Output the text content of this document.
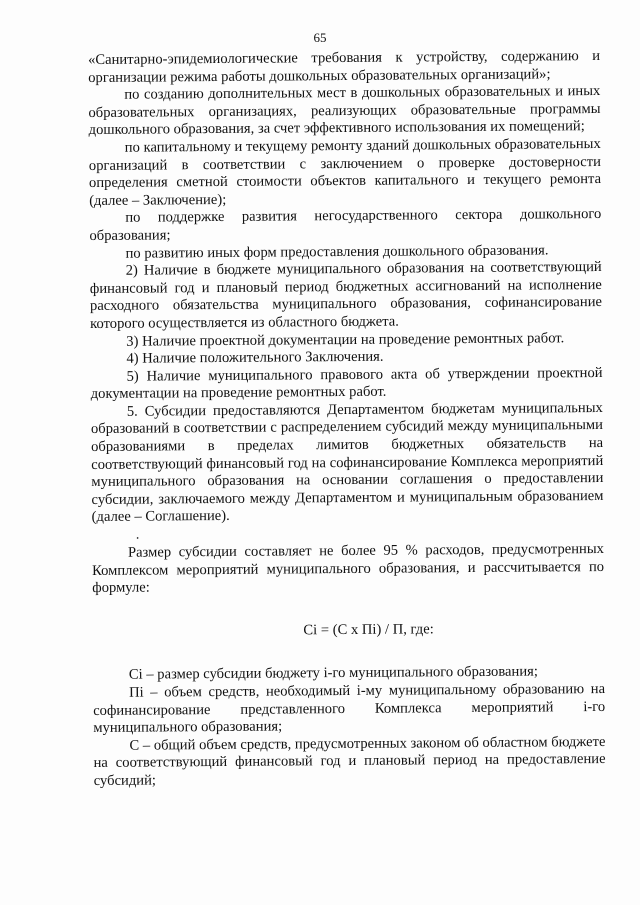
65

«Санитарно-эпидемиологические требования к устройству, содержанию и организации режима работы дошкольных образовательных организаций»;

по созданию дополнительных мест в дошкольных образовательных и иных образовательных организациях, реализующих образовательные программы дошкольного образования, за счет эффективного использования их помещений;

по капитальному и текущему ремонту зданий дошкольных образовательных организаций в соответствии с заключением о проверке достоверности определения сметной стоимости объектов капитального и текущего ремонта (далее – Заключение);

по поддержке развития негосударственного сектора дошкольного образования;

по развитию иных форм предоставления дошкольного образования.

2) Наличие в бюджете муниципального образования на соответствующий финансовый год и плановый период бюджетных ассигнований на исполнение расходного обязательства муниципального образования, софинансирование которого осуществляется из областного бюджета.

3) Наличие проектной документации на проведение ремонтных работ.

4) Наличие положительного Заключения.

5) Наличие муниципального правового акта об утверждении проектной документации на проведение ремонтных работ.

5. Субсидии предоставляются Департаментом бюджетам муниципальных образований в соответствии с распределением субсидий между муниципальными образованиями в пределах лимитов бюджетных обязательств на соответствующий финансовый год на софинансирование Комплекса мероприятий муниципального образования на основании соглашения о предоставлении субсидии, заключаемого между Департаментом и муниципальным образованием (далее – Соглашение).

.

Размер субсидии составляет не более 95 % расходов, предусмотренных Комплексом мероприятий муниципального образования, и рассчитывается по формуле:

Ci = (C х Пi) / П, где:

Ci – размер субсидии бюджету i-го муниципального образования;

Пi – объем средств, необходимый i-му муниципальному образованию на софинансирование представленного Комплекса мероприятий i-го муниципального образования;

С – общий объем средств, предусмотренных законом об областном бюджете на соответствующий финансовый год и плановый период на предоставление субсидий;
